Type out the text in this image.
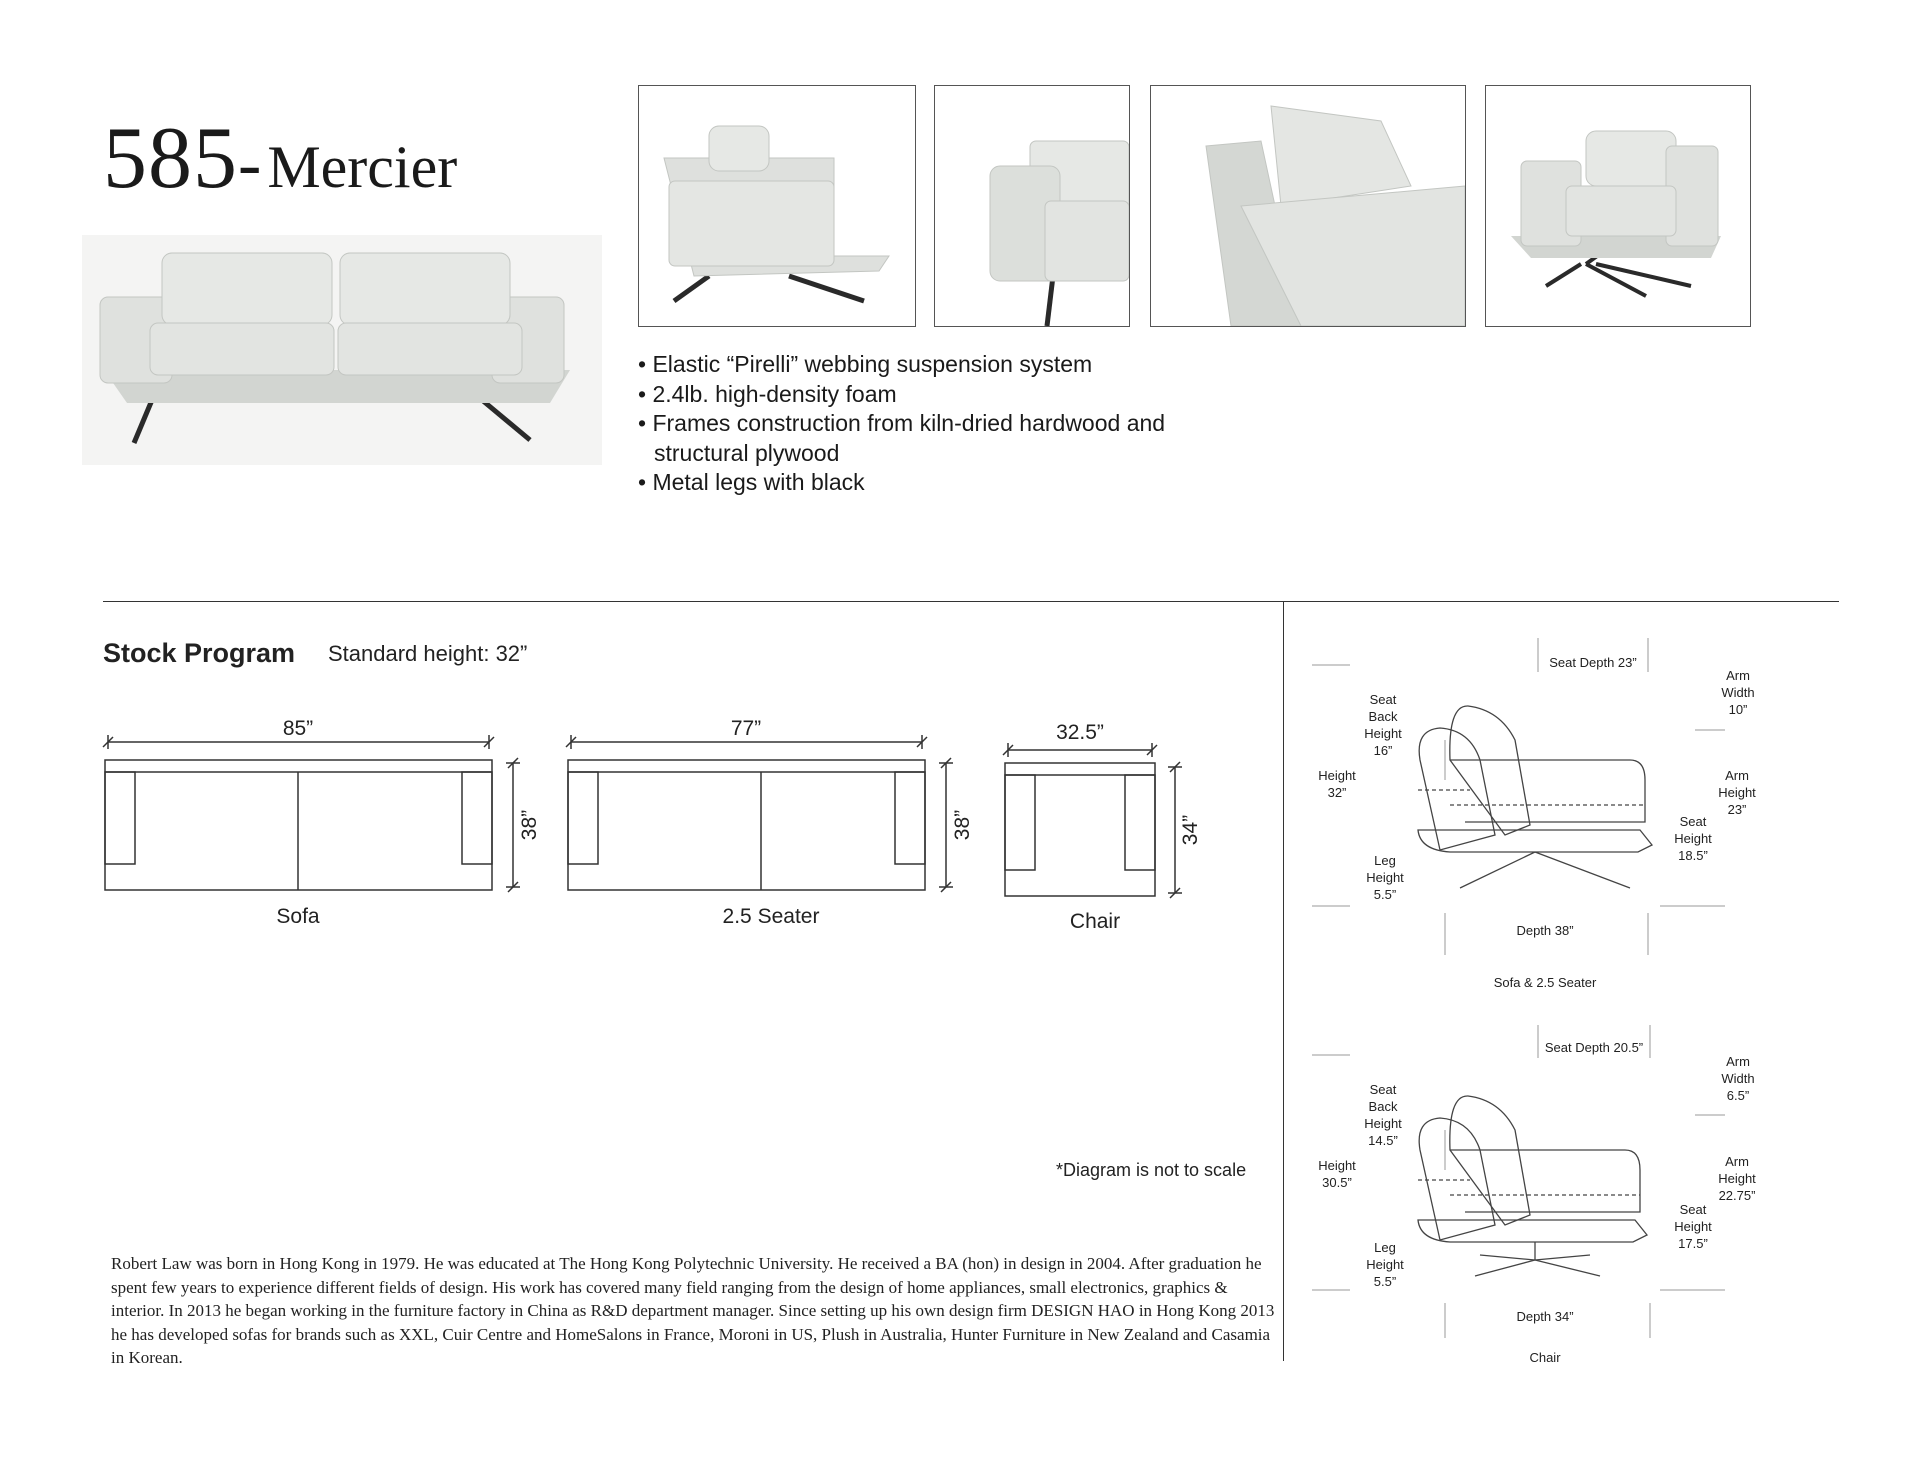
585- Mercier
• Elastic “Pirelli” webbing suspension system
• 2.4lb. high-density foam
• Frames construction from kiln-dried hardwood and structural plywood
• Metal legs with black
Stock Program Standard height: 32”
85”
38”
Sofa
77”
38”
2.5 Seater
32.5”
34”
Chair
*Diagram is not to scale
Robert Law was born in Hong Kong in 1979. He was educated at The Hong Kong Polytechnic University. He received a BA (hon) in design in 2004. After graduation he spent few years to experience different fields of design. His work has covered many field ranging from the design of home appliances, small electronics, graphics & interior. In 2013 he began working in the furniture factory in China as R&D department manager. Since setting up his own design firm DESIGN HAO in Hong Kong 2013 he has developed sofas for brands such as XXL, Cuir Centre and HomeSalons in France, Moroni in US, Plush in Australia, Hunter Furniture in New Zealand and Casamia in Korean.
Seat Depth 23”
Arm
Width
10”
Seat
Back
Height
16”
Height
32”
Arm
Height
23”
Seat
Height
18.5”
Leg
Height
5.5”
Depth 38”
Sofa & 2.5 Seater
Seat Depth 20.5”
Arm
Width
6.5”
Seat
Back
Height
14.5”
Height
30.5”
Arm
Height
22.75”
Seat
Height
17.5”
Leg
Height
5.5”
Depth 34”
Chair
